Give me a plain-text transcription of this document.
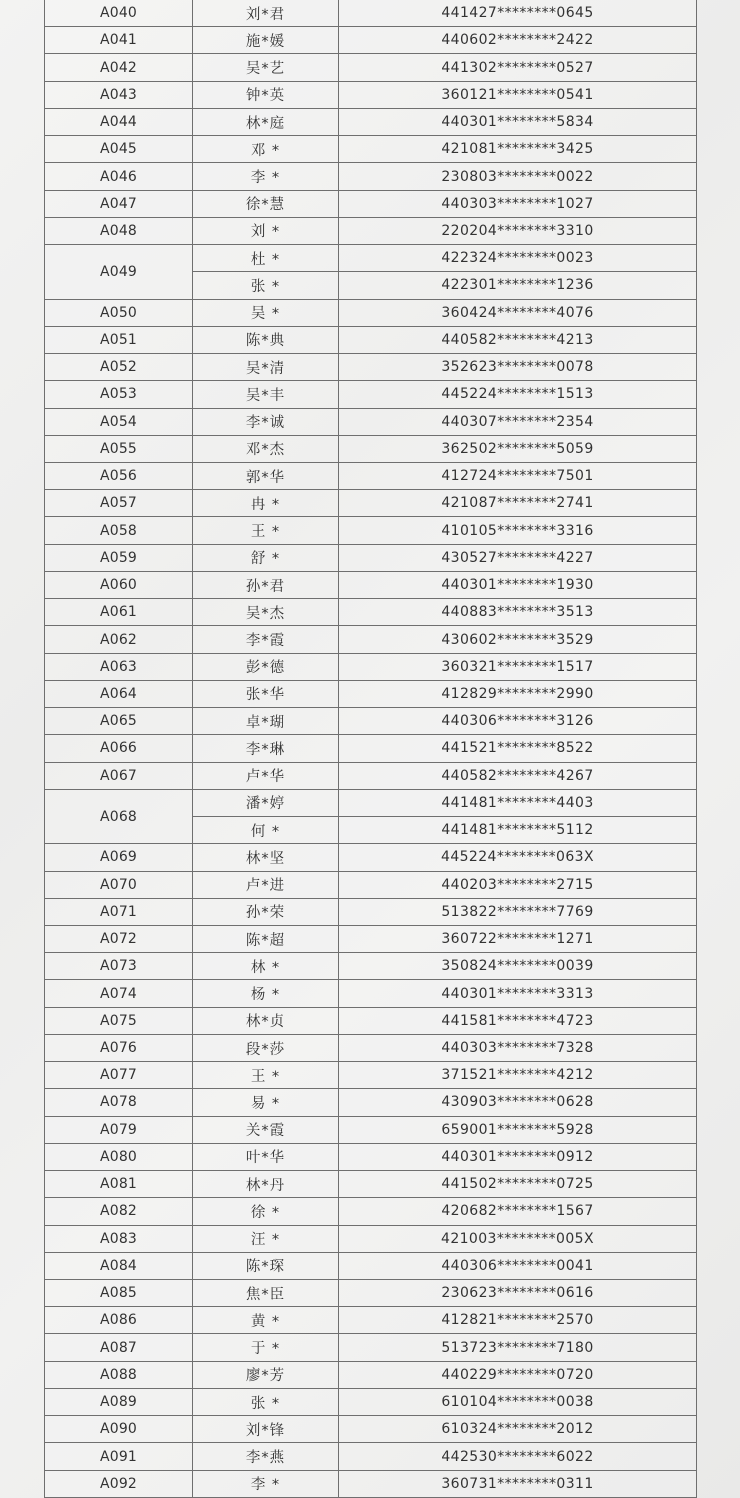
A040	刘*君	441427********0645
A041	施*媛	440602********2422
A042	吴*艺	441302********0527
A043	钟*英	360121********0541
A044	林*庭	440301********5834
A045	邓 *	421081********3425
A046	李 *	230803********0022
A047	徐*慧	440303********1027
A048	刘 *	220204********3310
A049	杜 *	422324********0023
	张 *	422301********1236
A050	吴 *	360424********4076
A051	陈*典	440582********4213
A052	吴*清	352623********0078
A053	吴*丰	445224********1513
A054	李*诚	440307********2354
A055	邓*杰	362502********5059
A056	郭*华	412724********7501
A057	冉 *	421087********2741
A058	王 *	410105********3316
A059	舒 *	430527********4227
A060	孙*君	440301********1930
A061	吴*杰	440883********3513
A062	李*霞	430602********3529
A063	彭*德	360321********1517
A064	张*华	412829********2990
A065	卓*瑚	440306********3126
A066	李*琳	441521********8522
A067	卢*华	440582********4267
A068	潘*婷	441481********4403
	何 *	441481********5112
A069	林*坚	445224********063X
A070	卢*进	440203********2715
A071	孙*荣	513822********7769
A072	陈*超	360722********1271
A073	林 *	350824********0039
A074	杨 *	440301********3313
A075	林*贞	441581********4723
A076	段*莎	440303********7328
A077	王 *	371521********4212
A078	易 *	430903********0628
A079	关*霞	659001********5928
A080	叶*华	440301********0912
A081	林*丹	441502********0725
A082	徐 *	420682********1567
A083	汪 *	421003********005X
A084	陈*琛	440306********0041
A085	焦*臣	230623********0616
A086	黄 *	412821********2570
A087	于 *	513723********7180
A088	廖*芳	440229********0720
A089	张 *	610104********0038
A090	刘*锋	610324********2012
A091	李*燕	442530********6022
A092	李 *	360731********0311
